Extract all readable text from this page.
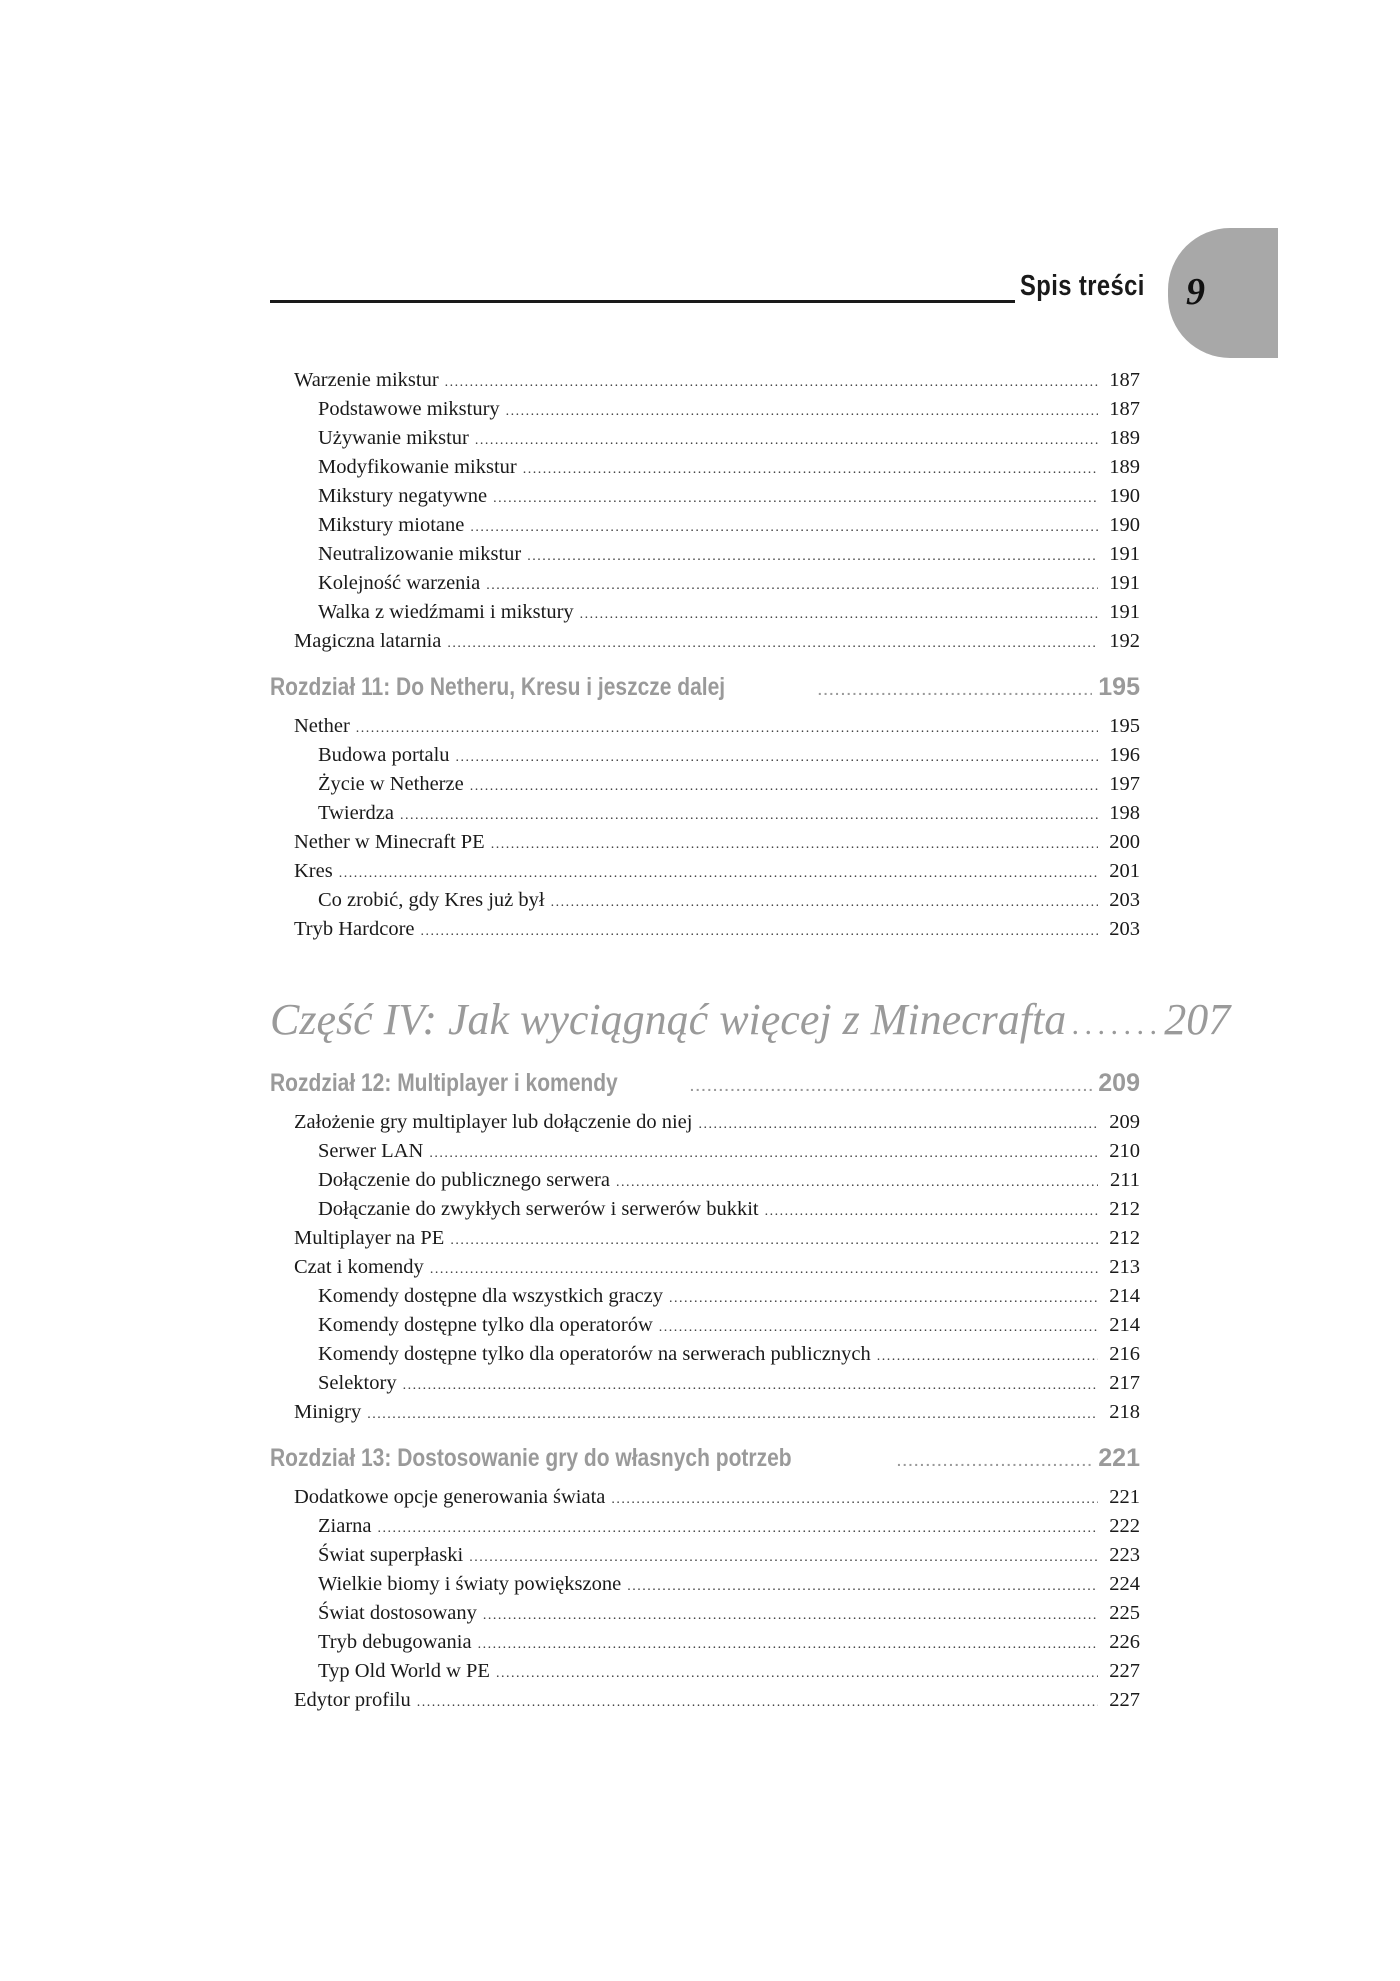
Spis treści 9
Warzenie mikstur . . .	187
Podstawowe mikstury . . .	187
Używanie mikstur . . .	189
Modyfikowanie mikstur . . .	189
Mikstury negatywne . . .	190
Mikstury miotane . . .	190
Neutralizowanie mikstur . . .	191
Kolejność warzenia . . .	191
Walka z wiedźmami i mikstury . . .	191
Magiczna latarnia . . .	192
Rozdział 11: Do Netheru, Kresu i jeszcze dalej . . .	195
Nether . . .	195
Budowa portalu . . .	196
Życie w Netherze . . .	197
Twierdza . . .	198
Nether w Minecraft PE . . .	200
Kres . . .	201
Co zrobić, gdy Kres już był . . .	203
Tryb Hardcore . . .	203
Część IV: Jak wyciągnąć więcej z Minecrafta . . . 207
Rozdział 12: Multiplayer i komendy . . .	209
Założenie gry multiplayer lub dołączenie do niej . . .	209
Serwer LAN . . .	210
Dołączenie do publicznego serwera . . .	211
Dołączanie do zwykłych serwerów i serwerów bukkit . . .	212
Multiplayer na PE . . .	212
Czat i komendy . . .	213
Komendy dostępne dla wszystkich graczy . . .	214
Komendy dostępne tylko dla operatorów . . .	214
Komendy dostępne tylko dla operatorów na serwerach publicznych . . .	216
Selektory . . .	217
Minigry . . .	218
Rozdział 13: Dostosowanie gry do własnych potrzeb . . .	221
Dodatkowe opcje generowania świata . . .	221
Ziarna . . .	222
Świat superpłaski . . .	223
Wielkie biomy i światy powiększone . . .	224
Świat dostosowany . . .	225
Tryb debugowania . . .	226
Typ Old World w PE . . .	227
Edytor profilu . . .	227
